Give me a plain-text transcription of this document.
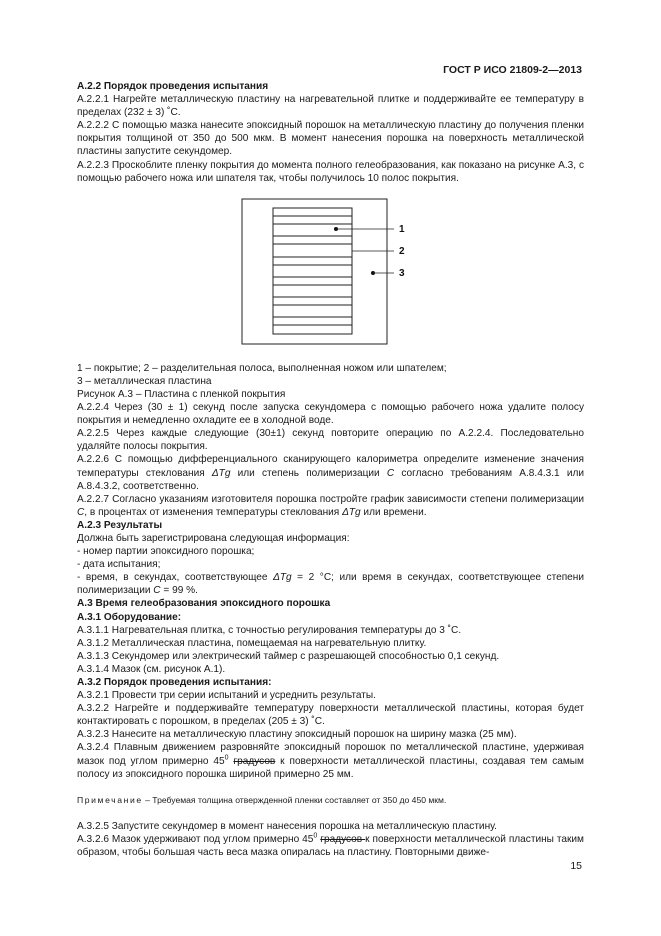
ГОСТ Р ИСО 21809-2—2013

А.2.2 Порядок проведения испытания

А.2.2.1 Нагрейте металлическую пластину на нагревательной плитке и поддерживайте ее температуру в пределах (232 ± 3) ˚С.

А.2.2.2 С помощью мазка нанесите эпоксидный порошок на металлическую пластину до получения пленки покрытия толщиной от 350 до 500 мкм. В момент нанесения порошка на поверхность металлической пластины запустите секундомер.

А.2.2.3 Проскоблите пленку покрытия до момента полного гелеобразования, как показано на рисунке А.3, с помощью рабочего ножа или шпателя так, чтобы получилось 10 полос покрытия.

1
2
3

1 – покрытие; 2 – разделительная полоса, выполненная ножом или шпателем;

3 – металлическая пластина

Рисунок А.3 – Пластина с пленкой покрытия

А.2.2.4 Через (30 ± 1) секунд после запуска секундомера с помощью рабочего ножа удалите полосу покрытия и немедленно охладите ее в холодной воде.

А.2.2.5 Через каждые следующие (30±1) секунд повторите операцию по А.2.2.4. Последовательно удаляйте полосы покрытия.

А.2.2.6 С помощью дифференциального сканирующего калориметра определите изменение значения температуры стеклования ΔTg или степень полимеризации С согласно требованиям А.8.4.3.1 или А.8.4.3.2, соответственно.

А.2.2.7 Согласно указаниям изготовителя порошка постройте график зависимости степени полимеризации С, в процентах от изменения температуры стеклования ΔTg или времени.

А.2.3 Результаты

Должна быть зарегистрирована следующая информация:

- номер партии эпоксидного порошка;

- дата испытания;

- время, в секундах, соответствующее ΔTg = 2 °С; или время в секундах, соответствующее степени полимеризации С = 99 %.

А.3 Время гелеобразования эпоксидного порошка

А.3.1 Оборудование:

А.3.1.1 Нагревательная плитка, с точностью регулирования температуры до 3 ˚С.

А.3.1.2 Металлическая пластина, помещаемая на нагревательную плитку.

А.3.1.3 Секундомер или электрический таймер с разрешающей способностью 0,1 секунд.

А.3.1.4 Мазок (см. рисунок А.1).

А.3.2 Порядок проведения испытания:

А.3.2.1 Провести три серии испытаний и усреднить результаты.

А.3.2.2 Нагрейте и поддерживайте температуру поверхности металлической пластины, которая будет контактировать с порошком, в пределах (205 ± 3) ˚С.

А.3.2.3 Нанесите на металлическую пластину эпоксидный порошок на ширину мазка (25 мм).

А.3.2.4 Плавным движением разровняйте эпоксидный порошок по металлической пластине, удерживая мазок под углом примерно $45^0$ градусов к поверхности металлической пластины, создавая тем самым полосу из эпоксидного порошка шириной примерно 25 мм.

Примечание – Требуемая толщина отвержденной пленки составляет от 350 до 450 мкм.

А.3.2.5 Запустите секундомер в момент нанесения порошка на металлическую пластину.

А.3.2.6 Мазок удерживают под углом примерно $45^0$ градусов к поверхности металлической пластины таким образом, чтобы большая часть веса мазка опиралась на пластину. Повторными движе-

15
